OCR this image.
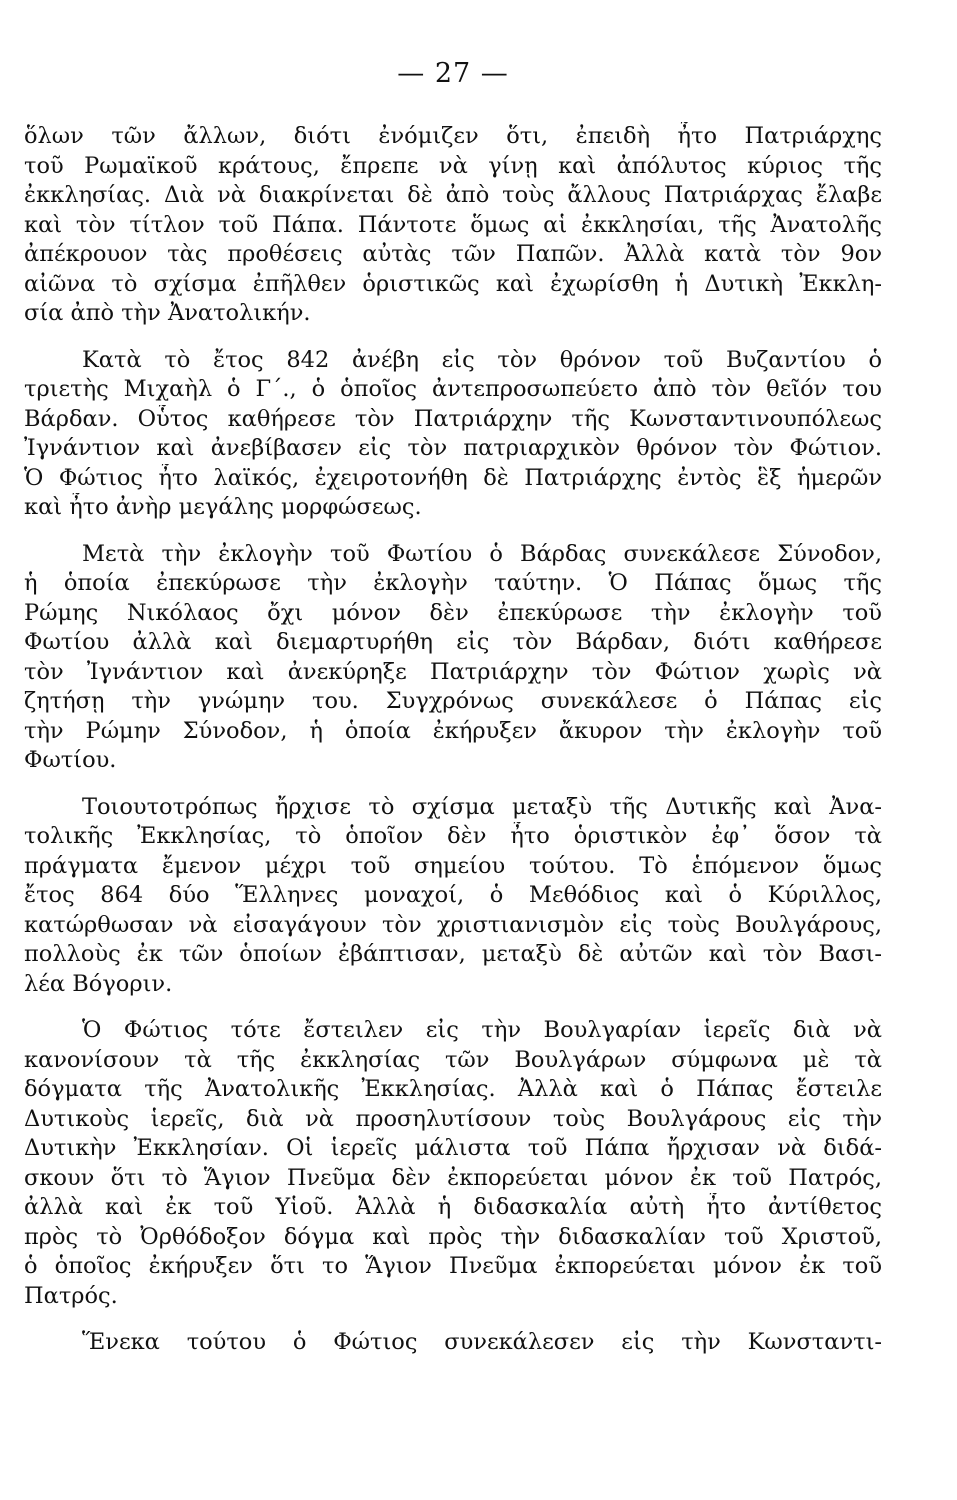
— 27 —
ὅλων τῶν ἄλλων, διότι ἐνόμιζεν ὅτι, ἐπειδὴ ἦτο Πατριάρχης
τοῦ Ρωμαϊκοῦ κράτους, ἔπρεπε νὰ γίνῃ καὶ ἀπόλυτος κύριος τῆς
ἐκκλησίας. Διὰ νὰ διακρίνεται δὲ ἀπὸ τοὺς ἄλλους Πατριάρχας ἔλαβε
καὶ τὸν τίτλον τοῦ Πάπα. Πάντοτε ὅμως αἱ ἐκκλησίαι, τῆς Ἀνατολῆς
ἀπέκρουον τὰς προθέσεις αὐτὰς τῶν Παπῶν. Ἀλλὰ κατὰ τὸν 9ον
αἰῶνα τὸ σχίσμα ἐπῆλθεν ὁριστικῶς καὶ ἐχωρίσθη ἡ Δυτικὴ Ἐκκλη-
σία ἀπὸ τὴν Ἀνατολικήν.
Κατὰ τὸ ἔτος 842 ἀνέβη εἰς τὸν θρόνον τοῦ Βυζαντίου ὁ
τριετὴς Μιχαὴλ ὁ Γ΄., ὁ ὁποῖος ἀντεπροσωπεύετο ἀπὸ τὸν θεῖόν του
Βάρδαν. Οὗτος καθήρεσε τὸν Πατριάρχην τῆς Κωνσταντινουπόλεως
Ἰγνάντιον καὶ ἀνεβίβασεν εἰς τὸν πατριαρχικὸν θρόνον τὸν Φώτιον.
Ὁ Φώτιος ἦτο λαϊκός, ἐχειροτονήθη δὲ Πατριάρχης ἐντὸς ἓξ ἡμερῶν
καὶ ἦτο ἀνὴρ μεγάλης μορφώσεως.
Μετὰ τὴν ἐκλογὴν τοῦ Φωτίου ὁ Βάρδας συνεκάλεσε Σύνοδον,
ἡ ὁποία ἐπεκύρωσε τὴν ἐκλογὴν ταύτην. Ὁ Πάπας ὅμως τῆς
Ρώμης Νικόλαος ὄχι μόνον δὲν ἐπεκύρωσε τὴν ἐκλογὴν τοῦ
Φωτίου ἀλλὰ καὶ διεμαρτυρήθη εἰς τὸν Βάρδαν, διότι καθήρεσε
τὸν Ἰγνάντιον καὶ ἀνεκύρηξε Πατριάρχην τὸν Φώτιον χωρὶς νὰ
ζητήσῃ τὴν γνώμην του. Συγχρόνως συνεκάλεσε ὁ Πάπας εἰς
τὴν Ρώμην Σύνοδον, ἡ ὁποία ἐκήρυξεν ἄκυρον τὴν ἐκλογὴν τοῦ
Φωτίου.
Τοιουτοτρόπως ἤρχισε τὸ σχίσμα μεταξὺ τῆς Δυτικῆς καὶ Ἀνα-
τολικῆς Ἐκκλησίας, τὸ ὁποῖον δὲν ἦτο ὁριστικὸν ἐφ᾽ ὅσον τὰ
πράγματα ἔμενον μέχρι τοῦ σημείου τούτου. Τὸ ἑπόμενον ὅμως
ἔτος 864 δύο Ἕλληνες μοναχοί, ὁ Μεθόδιος καὶ ὁ Κύριλλος,
κατώρθωσαν νὰ εἰσαγάγουν τὸν χριστιανισμὸν εἰς τοὺς Βουλγάρους,
πολλοὺς ἐκ τῶν ὁποίων ἐβάπτισαν, μεταξὺ δὲ αὐτῶν καὶ τὸν Βασι-
λέα Βόγοριν.
Ὁ Φώτιος τότε ἔστειλεν εἰς τὴν Βουλγαρίαν ἱερεῖς διὰ νὰ
κανονίσουν τὰ τῆς ἐκκλησίας τῶν Βουλγάρων σύμφωνα μὲ τὰ
δόγματα τῆς Ἀνατολικῆς Ἐκκλησίας. Ἀλλὰ καὶ ὁ Πάπας ἔστειλε
Δυτικοὺς ἱερεῖς, διὰ νὰ προσηλυτίσουν τοὺς Βουλγάρους εἰς τὴν
Δυτικὴν Ἐκκλησίαν. Οἱ ἱερεῖς μάλιστα τοῦ Πάπα ἤρχισαν νὰ διδά-
σκουν ὅτι τὸ Ἅγιον Πνεῦμα δὲν ἐκπορεύεται μόνον ἐκ τοῦ Πατρός,
ἀλλὰ καὶ ἐκ τοῦ Υἱοῦ. Ἀλλὰ ἡ διδασκαλία αὐτὴ ἦτο ἀντίθετος
πρὸς τὸ Ὀρθόδοξον δόγμα καὶ πρὸς τὴν διδασκαλίαν τοῦ Χριστοῦ,
ὁ ὁποῖος ἐκήρυξεν ὅτι το Ἅγιον Πνεῦμα ἐκπορεύεται μόνον ἐκ τοῦ
Πατρός.
Ἕνεκα τούτου ὁ Φώτιος συνεκάλεσεν εἰς τὴν Κωνσταντι-
